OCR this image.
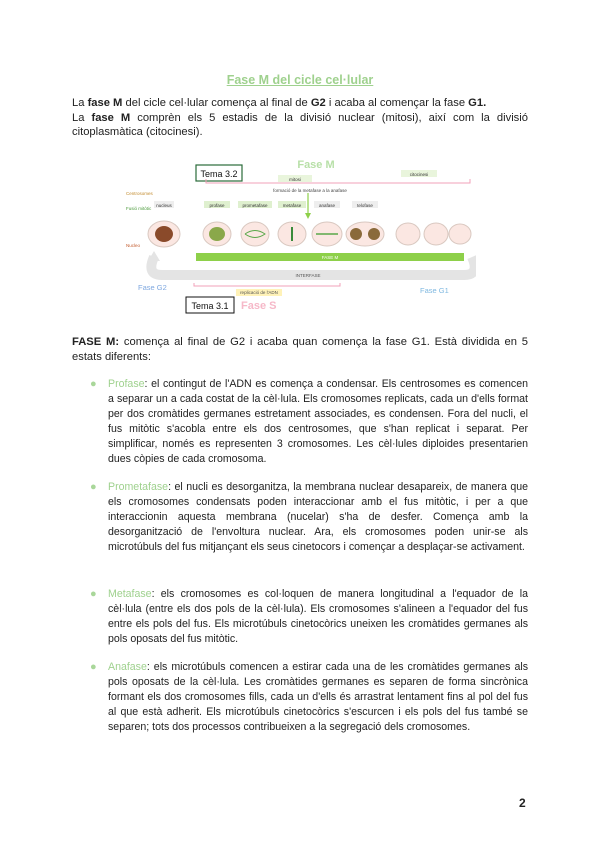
Fase M del cicle cel·lular

La fase M del cicle cel·lular comença al final de G2 i acaba al començar la fase G1.

La fase M comprèn els 5 estadis de la divisió nuclear (mitosi), així com la divisió citoplasmàtica (citocinesi).

Tema 3.2
Fase M
mitosi
citocinesi
formació de la metafase a la anafase
Centrosomes
Fusió mitòtic
Nucleo
nucleus	profase	prometafase	metafase	anafase	telofase
FASE M
INTERFASE
replicació de l'ADN
Fase G2	Fase G1
Tema 3.1 Fase S
FASE M: comença al final de G2 i acaba quan comença la fase G1. Està dividida en 5 estats diferents:
● Profase: el contingut de l'ADN es comença a condensar. Els centrosomes es comencen a separar un a cada costat de la cèl·lula. Els cromosomes replicats, cada un d'ells format per dos cromàtides germanes estretament associades, es condensen. Fora del nucli, el fus mitòtic s'acobla entre els dos centrosomes, que s'han replicat i separat. Per simplificar, només es representen 3 cromosomes. Les cèl·lules diploides presentarien dues còpies de cada cromosoma.
● Prometafase: el nucli es desorganitza, la membrana nuclear desapareix, de manera que els cromosomes condensats poden interaccionar amb el fus mitòtic, i per a que interaccionin aquesta membrana (nucelar) s'ha de desfer. Comença amb la desorganització de l'envoltura nuclear. Ara, els cromosomes poden unir-se als microtúbuls del fus mitjançant els seus cinetocors i començar a desplaçar-se activament.
● Metafase: els cromosomes es col·loquen de manera longitudinal a l'equador de la cèl·lula (entre els dos pols de la cèl·lula). Els cromosomes s'alineen a l'equador del fus entre els pols del fus. Els microtúbuls cinetocòrics uneixen les cromàtides germanes als pols oposats del fus mitòtic.
● Anafase: els microtúbuls comencen a estirar cada una de les cromàtides germanes als pols oposats de la cèl·lula. Les cromàtides germanes es separen de forma sincrònica formant els dos cromosomes fills, cada un d'ells és arrastrat lentament fins al pol del fus al que està adherit. Els microtúbuls cinetocòrics s'escurcen i els pols del fus també se separen; tots dos processos contribueixen a la segregació dels cromosomes.
2
